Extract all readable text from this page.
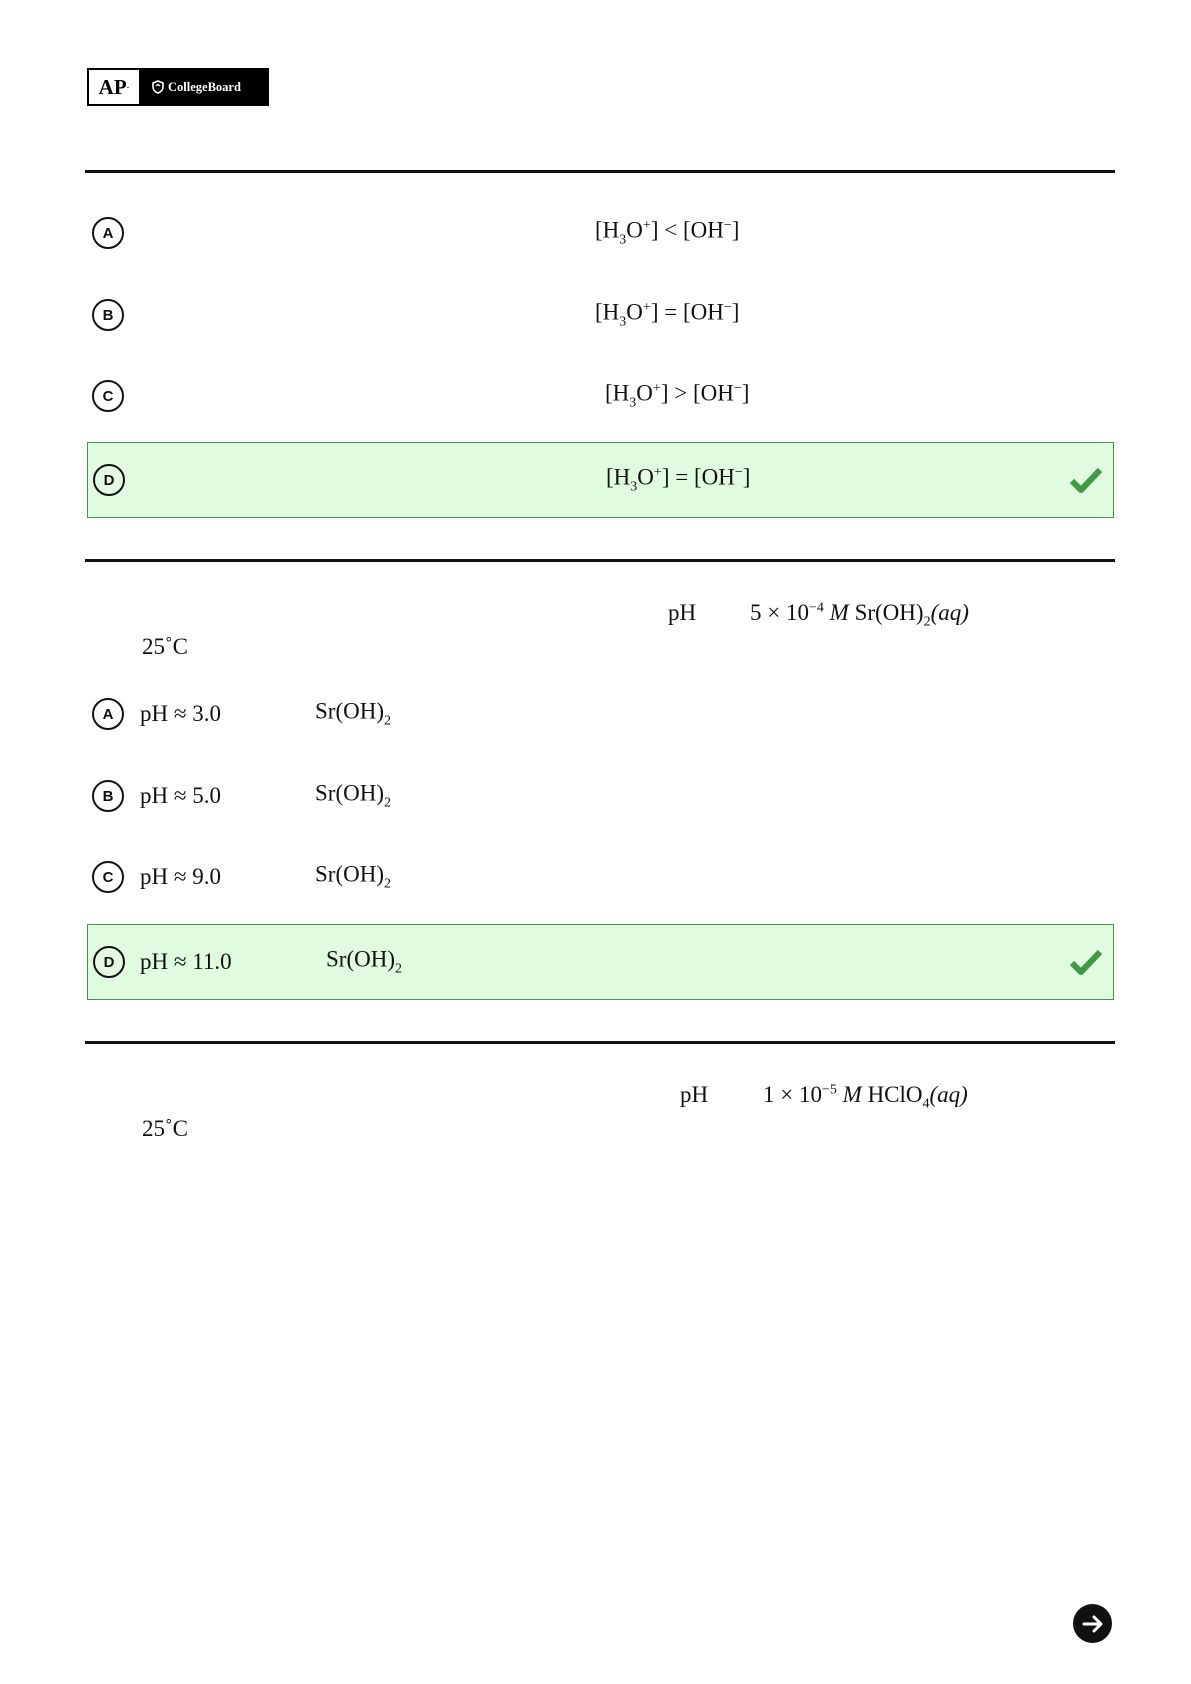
AP ·	CollegeBoard
A	$[H_3O^+] < [OH^-]$
B	$[H_3O^+] = [OH^-]$
C	$[H_3O^+] > [OH^-]$
D	$[H_3O^+] = [OH^-]$
pH $5 \times 10^{-4}$ M $Sr(OH)_2(aq)$
25˚C
A	pH ≈ 3.0	$Sr(OH)_2$
B	pH ≈ 5.0	$Sr(OH)_2$
C	pH ≈ 9.0	$Sr(OH)_2$
D	pH ≈ 11.0	$Sr(OH)_2$
pH $1 \times 10^{-5}$ M HClO$_4$(aq)
25˚C
